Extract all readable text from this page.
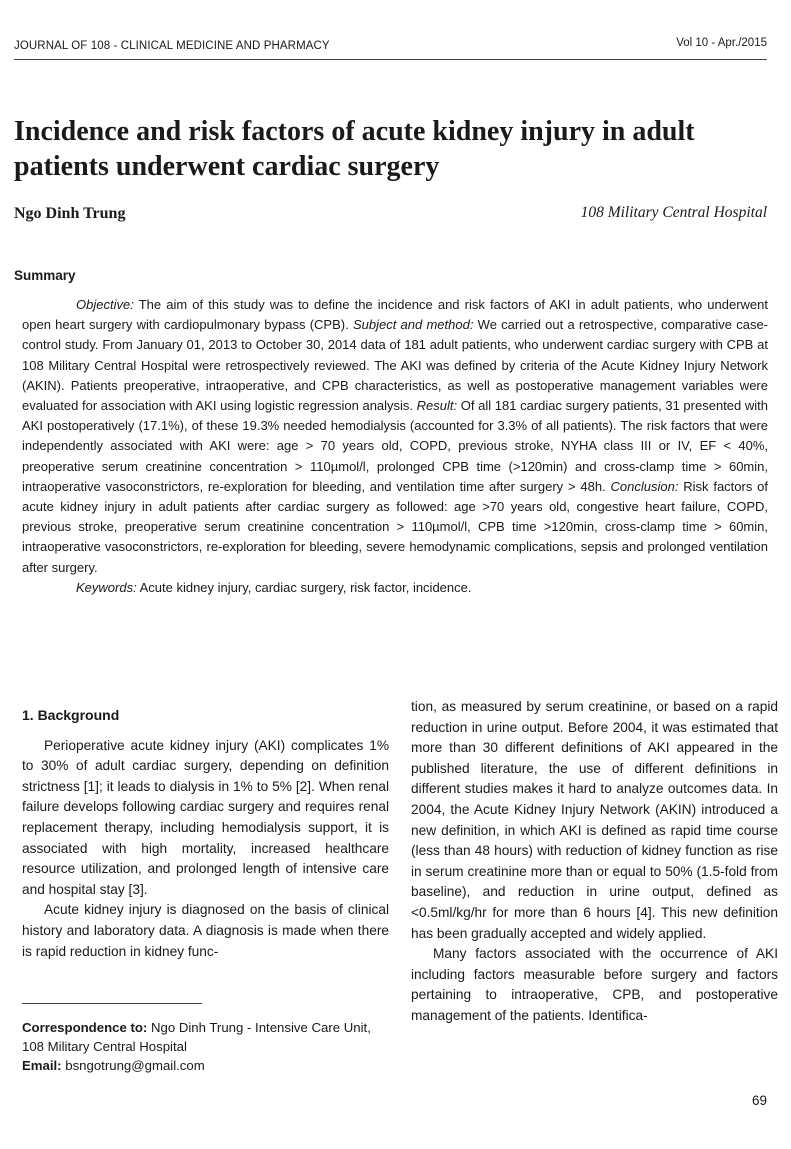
JOURNAL OF 108 - CLINICAL MEDICINE AND PHARMACY	Vol 10 - Apr./2015
Incidence and risk factors of acute kidney injury in adult patients underwent cardiac surgery
Ngo Dinh Trung	108 Military Central Hospital
Summary

Objective: The aim of this study was to define the incidence and risk factors of AKI in adult patients, who underwent open heart surgery with cardiopulmonary bypass (CPB). Subject and method: We carried out a retrospective, comparative case-control study. From January 01, 2013 to October 30, 2014 data of 181 adult patients, who underwent cardiac surgery with CPB at 108 Military Central Hospital were retrospectively reviewed. The AKI was defined by criteria of the Acute Kidney Injury Network (AKIN). Patients preoperative, intraoperative, and CPB characteristics, as well as postoperative management variables were evaluated for association with AKI using logistic regression analysis. Result: Of all 181 cardiac surgery patients, 31 presented with AKI postoperatively (17.1%), of these 19.3% needed hemodialysis (accounted for 3.3% of all patients). The risk factors that were independently associated with AKI were: age > 70 years old, COPD, previous stroke, NYHA class III or IV, EF < 40%, preoperative serum creatinine concentration > 110µmol/l, prolonged CPB time (>120min) and cross-clamp time > 60min, intraoperative vasoconstrictors, re-exploration for bleeding, and ventilation time after surgery > 48h. Conclusion: Risk factors of acute kidney injury in adult patients after cardiac surgery as followed: age >70 years old, congestive heart failure, COPD, previous stroke, preoperative serum creatinine concentration > 110µmol/l, CPB time >120min, cross-clamp time > 60min, intraoperative vasoconstrictors, re-exploration for bleeding, severe hemodynamic complications, sepsis and prolonged ventilation after surgery.

Keywords: Acute kidney injury, cardiac surgery, risk factor, incidence.

1. Background

Perioperative acute kidney injury (AKI) complicates 1% to 30% of adult cardiac surgery, depending on definition strictness [1]; it leads to dialysis in 1% to 5% [2]. When renal failure develops following cardiac surgery and requires renal replacement therapy, including hemodialysis support, it is associated with high mortality, increased healthcare resource utilization, and prolonged length of intensive care and hospital stay [3].

Acute kidney injury is diagnosed on the basis of clinical history and laboratory data. A diagnosis is made when there is rapid reduction in kidney func-

tion, as measured by serum creatinine, or based on a rapid reduction in urine output. Before 2004, it was estimated that more than 30 different definitions of AKI appeared in the published literature, the use of different definitions in different studies makes it hard to analyze outcomes data. In 2004, the Acute Kidney Injury Network (AKIN) introduced a new definition, in which AKI is defined as rapid time course (less than 48 hours) with reduction of kidney function as rise in serum creatinine more than or equal to 50% (1.5-fold from baseline), and reduction in urine output, defined as <0.5ml/kg/hr for more than 6 hours [4]. This new definition has been gradually accepted and widely applied.

Many factors associated with the occurrence of AKI including factors measurable before surgery and factors pertaining to intraoperative, CPB, and postoperative management of the patients. Identifica-

Correspondence to: Ngo Dinh Trung - Intensive Care Unit, 108 Military Central Hospital
Email: bsngotrung@gmail.com
69
